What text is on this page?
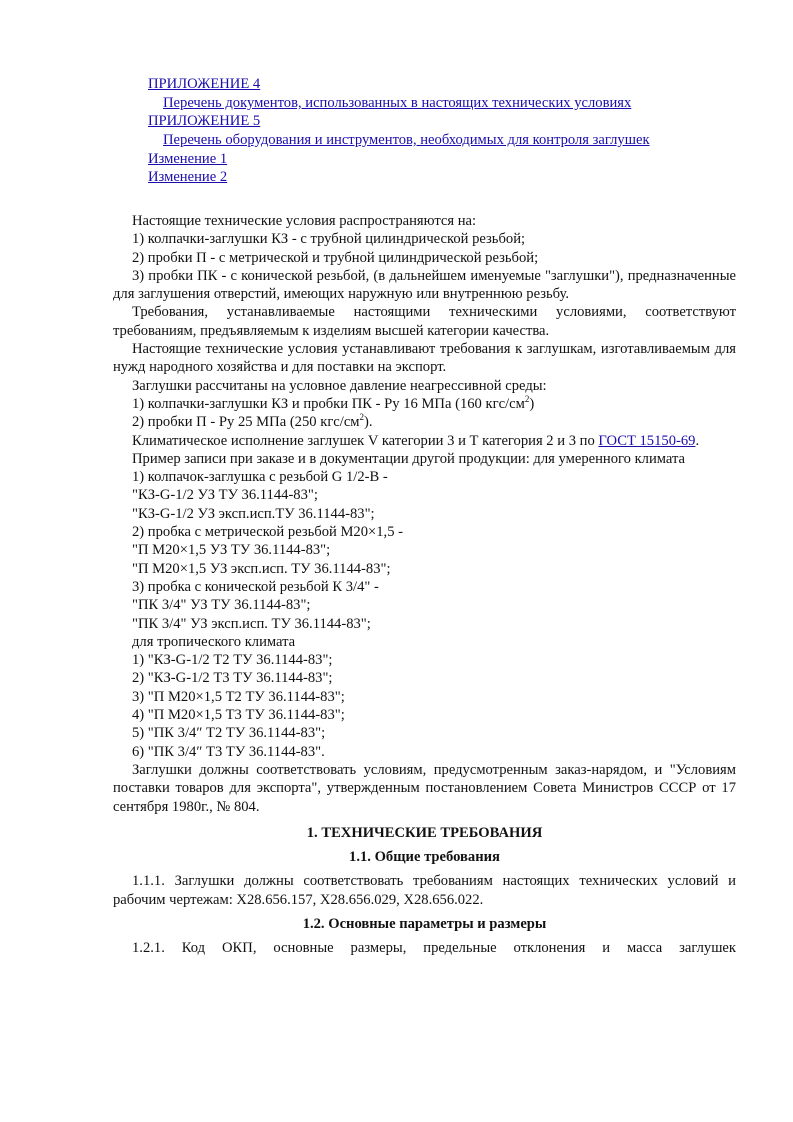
ПРИЛОЖЕНИЕ 4
Перечень документов, использованных в настоящих технических условиях
ПРИЛОЖЕНИЕ 5
Перечень оборудования и инструментов, необходимых для контроля заглушек
Изменение 1
Изменение 2

Настоящие технические условия распространяются на:

1) колпачки-заглушки КЗ - с трубной цилиндрической резьбой;

2) пробки П - с метрической и трубной цилиндрической резьбой;

3) пробки ПК - с конической резьбой, (в дальнейшем именуемые "заглушки"), предназначенные для заглушения отверстий, имеющих наружную или внутреннюю резьбу.

Требования, устанавливаемые настоящими техническими условиями, соответствуют требованиям, предъявляемым к изделиям высшей категории качества.

Настоящие технические условия устанавливают требования к заглушкам, изготавливаемым для нужд народного хозяйства и для поставки на экспорт.

Заглушки рассчитаны на условное давление неагрессивной среды:

1) колпачки-заглушки КЗ и пробки ПК - Ру 16 МПа (160 кгс/$см^2$)

2) пробки П - Ру 25 МПа (250 кгс/$см^2$).

Климатическое исполнение заглушек V категории 3 и Т категория 2 и 3 по ГОСТ 15150-69.

Пример записи при заказе и в документации другой продукции: для умеренного климата

1) колпачок-заглушка с резьбой G 1/2-В -

"КЗ-G-1/2 УЗ ТУ 36.1144-83";

"КЗ-G-1/2 УЗ эксп.исп.ТУ 36.1144-83";

2) пробка с метрической резьбой М20×1,5 -

"П М20×1,5 УЗ ТУ 36.1144-83";

"П М20×1,5 УЗ эксп.исп. ТУ 36.1144-83";

3) пробка с конической резьбой К 3/4" -

"ПК 3/4" УЗ ТУ 36.1144-83";

"ПК 3/4" УЗ эксп.исп. ТУ 36.1144-83";

для тропического климата

1) "КЗ-G-1/2 Т2 ТУ 36.1144-83";

2) "КЗ-G-1/2 Т3 ТУ 36.1144-83";

3) "П М20×1,5 Т2 ТУ 36.1144-83";

4) "П М20×1,5 Т3 ТУ 36.1144-83";

5) "ПК 3/4″ Т2 ТУ 36.1144-83";

6) "ПК 3/4″ Т3 ТУ 36.1144-83".

Заглушки должны соответствовать условиям, предусмотренным заказ-нарядом, и "Условиям поставки товаров для экспорта", утвержденным постановлением Совета Министров СССР от 17 сентября 1980г., № 804.

1. ТЕХНИЧЕСКИЕ ТРЕБОВАНИЯ
1.1. Общие требования

1.1.1. Заглушки должны соответствовать требованиям настоящих технических условий и рабочим чертежам: Х28.656.157, Х28.656.029, Х28.656.022.

1.2. Основные параметры и размеры

1.2.1. Код ОКП, основные размеры, предельные отклонения и масса заглушек
